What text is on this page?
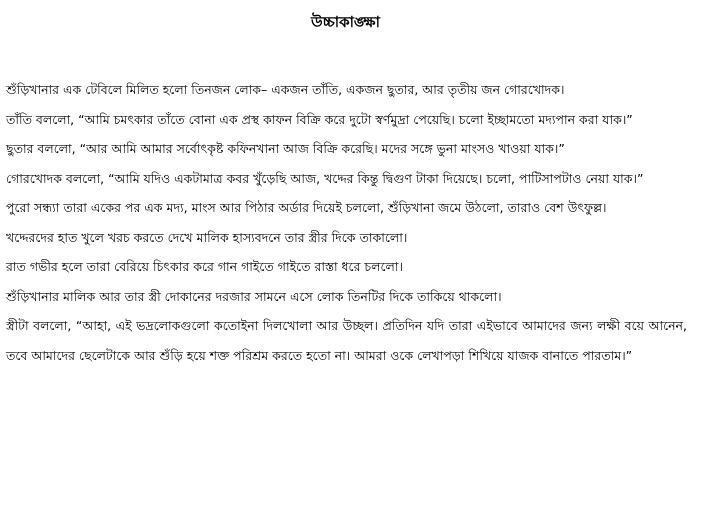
উচ্চাকাঙ্ক্ষা

শুঁড়িখানার এক টেবিলে মিলিত হলো তিনজন লোক– একজন তাঁতি, একজন ছুতার, আর তৃতীয় জন গোরখোদক।

তাঁতি বললো, “আমি চমৎকার তাঁতে বোনা এক প্রস্থ কাফন বিক্রি করে দুটো স্বর্ণমুদ্রা পেয়েছি। চলো ইচ্ছামতো মদ্যপান করা যাক।”

ছুতার বললো, “আর আমি আমার সর্বোৎকৃষ্ট কফিনখানা আজ বিক্রি করেছি। মদের সঙ্গে ভুনা মাংসও খাওয়া যাক।”

গোরখোদক বললো, “আমি যদিও একটামাত্র কবর খুঁড়েছি আজ, খদ্দের কিন্তু দ্বিগুণ টাকা দিয়েছে। চলো, পাটিসাপটাও নেয়া যাক।”

পুরো সন্ধ্যা তারা একের পর এক মদ্য, মাংস আর পিঠার অর্ডার দিয়েই চললো, শুঁড়িখানা জমে উঠলো, তারাও বেশ উৎফুল্ল।

খদ্দেরদের হাত খুলে খরচ করতে দেখে মালিক হাস্যবদনে তার স্ত্রীর দিকে তাকালো।

রাত গভীর হলে তারা বেরিয়ে চিৎকার করে গান গাইতে গাইতে রাস্তা ধরে চললো।

শুঁড়িখানার মালিক আর তার স্ত্রী দোকানের দরজার সামনে এসে লোক তিনটির দিকে তাকিয়ে থাকলো।

স্ত্রীটা বললো, “আহা, এই ভদ্রলোকগুলো কতোইনা দিলখোলা আর উচ্ছল। প্রতিদিন যদি তারা এইভাবে আমাদের জন্য লক্ষী বয়ে আনেন, তবে আমাদের ছেলেটাকে আর শুঁড়ি হয়ে শক্ত পরিশ্রম করতে হতো না। আমরা ওকে লেখাপড়া শিখিয়ে যাজক বানাতে পারতাম।”
